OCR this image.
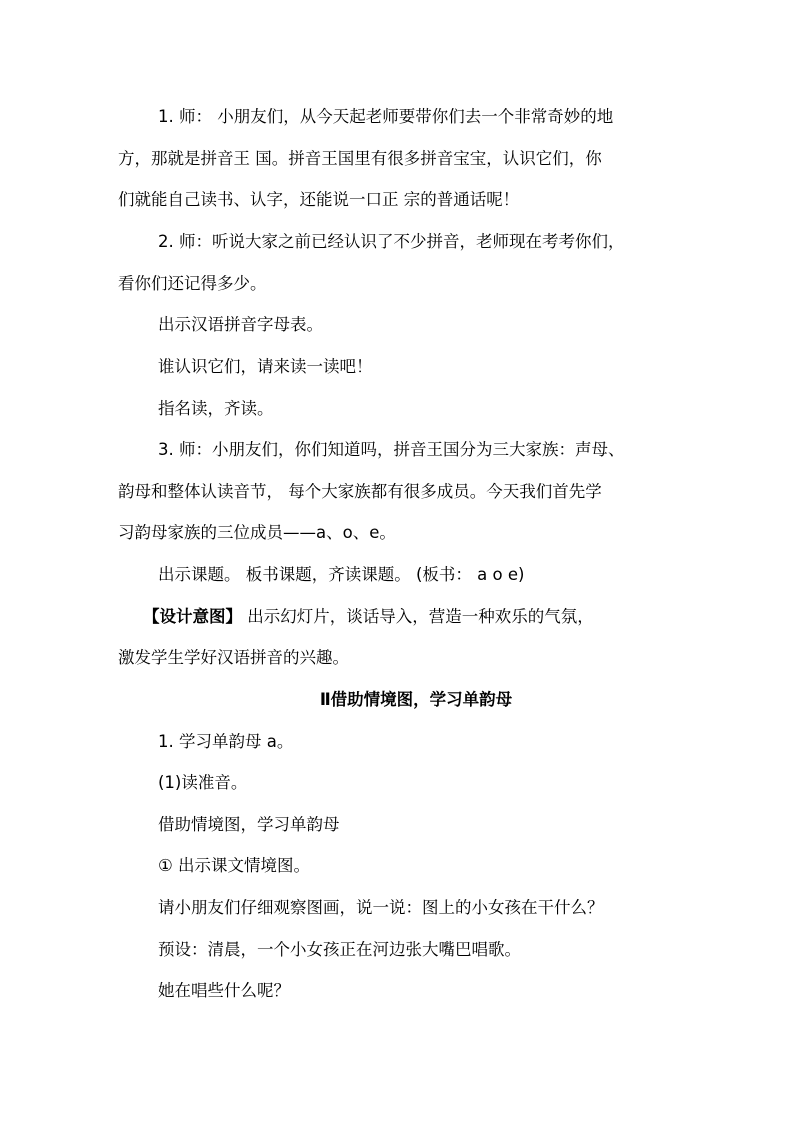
1. 师： 小朋友们，从今天起老师要带你们去一个非常奇妙的地
方，那就是拼音王 国。拼音王国里有很多拼音宝宝，认识它们，你
们就能自己读书、认字，还能说一口正 宗的普通话呢！
2. 师：听说大家之前已经认识了不少拼音，老师现在考考你们，
看你们还记得多少。
出示汉语拼音字母表。
谁认识它们，请来读一读吧！
指名读，齐读。
3. 师：小朋友们，你们知道吗，拼音王国分为三大家族：声母、
韵母和整体认读音节， 每个大家族都有很多成员。今天我们首先学
习韵母家族的三位成员——a、o、e。
出示课题。 板书课题，齐读课题。 (板书： a o e)
【设计意图】 出示幻灯片，谈话导入，营造一种欢乐的气氛，
激发学生学好汉语拼音的兴趣。
Ⅱ借助情境图，学习单韵母
1. 学习单韵母 a。
(1)读准音。
借助情境图，学习单韵母
① 出示课文情境图。
请小朋友们仔细观察图画，说一说：图上的小女孩在干什么？
预设：清晨，一个小女孩正在河边张大嘴巴唱歌。
她在唱些什么呢？
